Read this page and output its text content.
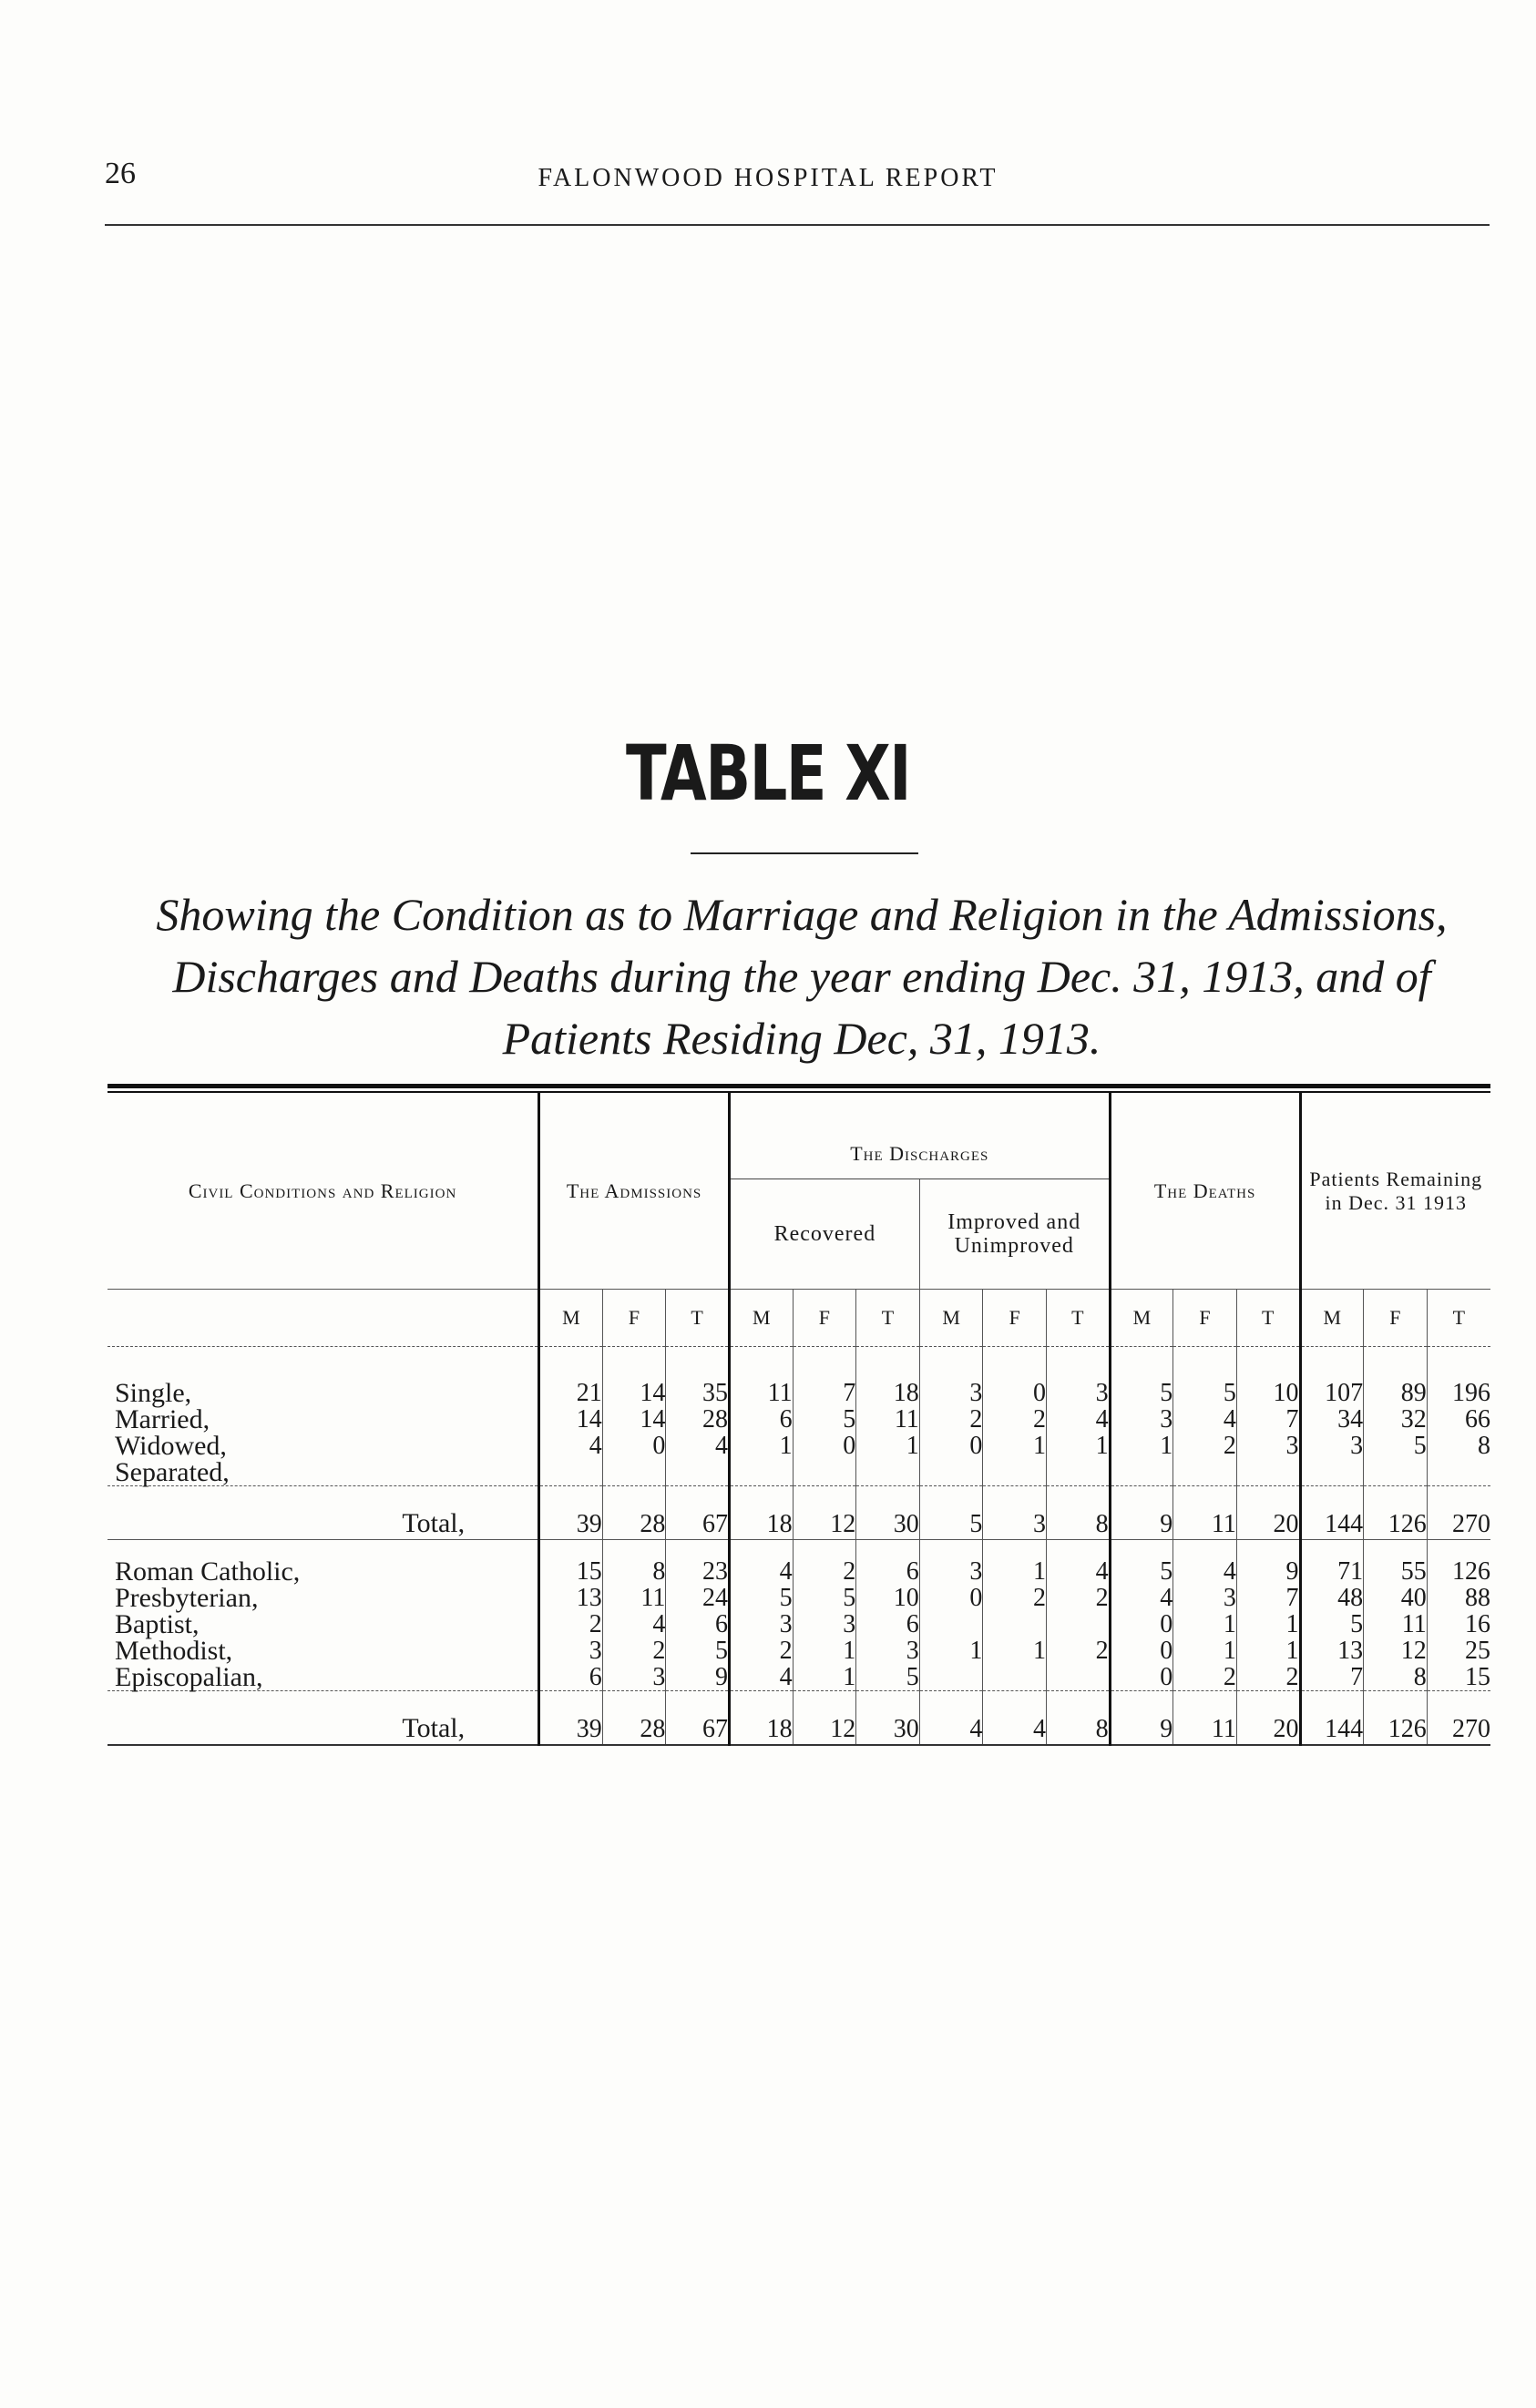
26	FALONWOOD HOSPITAL REPORT
TABLE XI
Showing the Condition as to Marriage and Religion in the Admissions, Discharges and Deaths during the year ending Dec. 31, 1913, and of Patients Residing Dec, 31, 1913.
Civil Conditions and Religion	The Admissions			The Discharges						The Deaths			Patients Remaining in Dec. 31 1913		
				Recovered			Improved and Unimproved								
	M	F	T	M	F	T	M	F	T	M	F	T	M	F	T

Single,	21	14	35	11	7	18	3	0	3	5	5	10	107	89	196
Married,	14	14	28	6	5	11	2	2	4	3	4	7	34	32	66
Widowed,	4	0	4	1	0	1	0	1	1	1	2	3	3	5	8
Separated,															
Total,	39	28	67	18	12	30	5	3	8	9	11	20	144	126	270

Roman Catholic,	15	8	23	4	2	6	3	1	4	5	4	9	71	55	126
Presbyterian,	13	11	24	5	5	10	0	2	2	4	3	7	48	40	88
Baptist,	2	4	6	3	3	6				0	1	1	5	11	16
Methodist,	3	2	5	2	1	3	1	1	2	0	1	1	13	12	25
Episcopalian,	6	3	9	4	1	5				0	2	2	7	8	15
Total,	39	28	67	18	12	30	4	4	8	9	11	20	144	126	270
